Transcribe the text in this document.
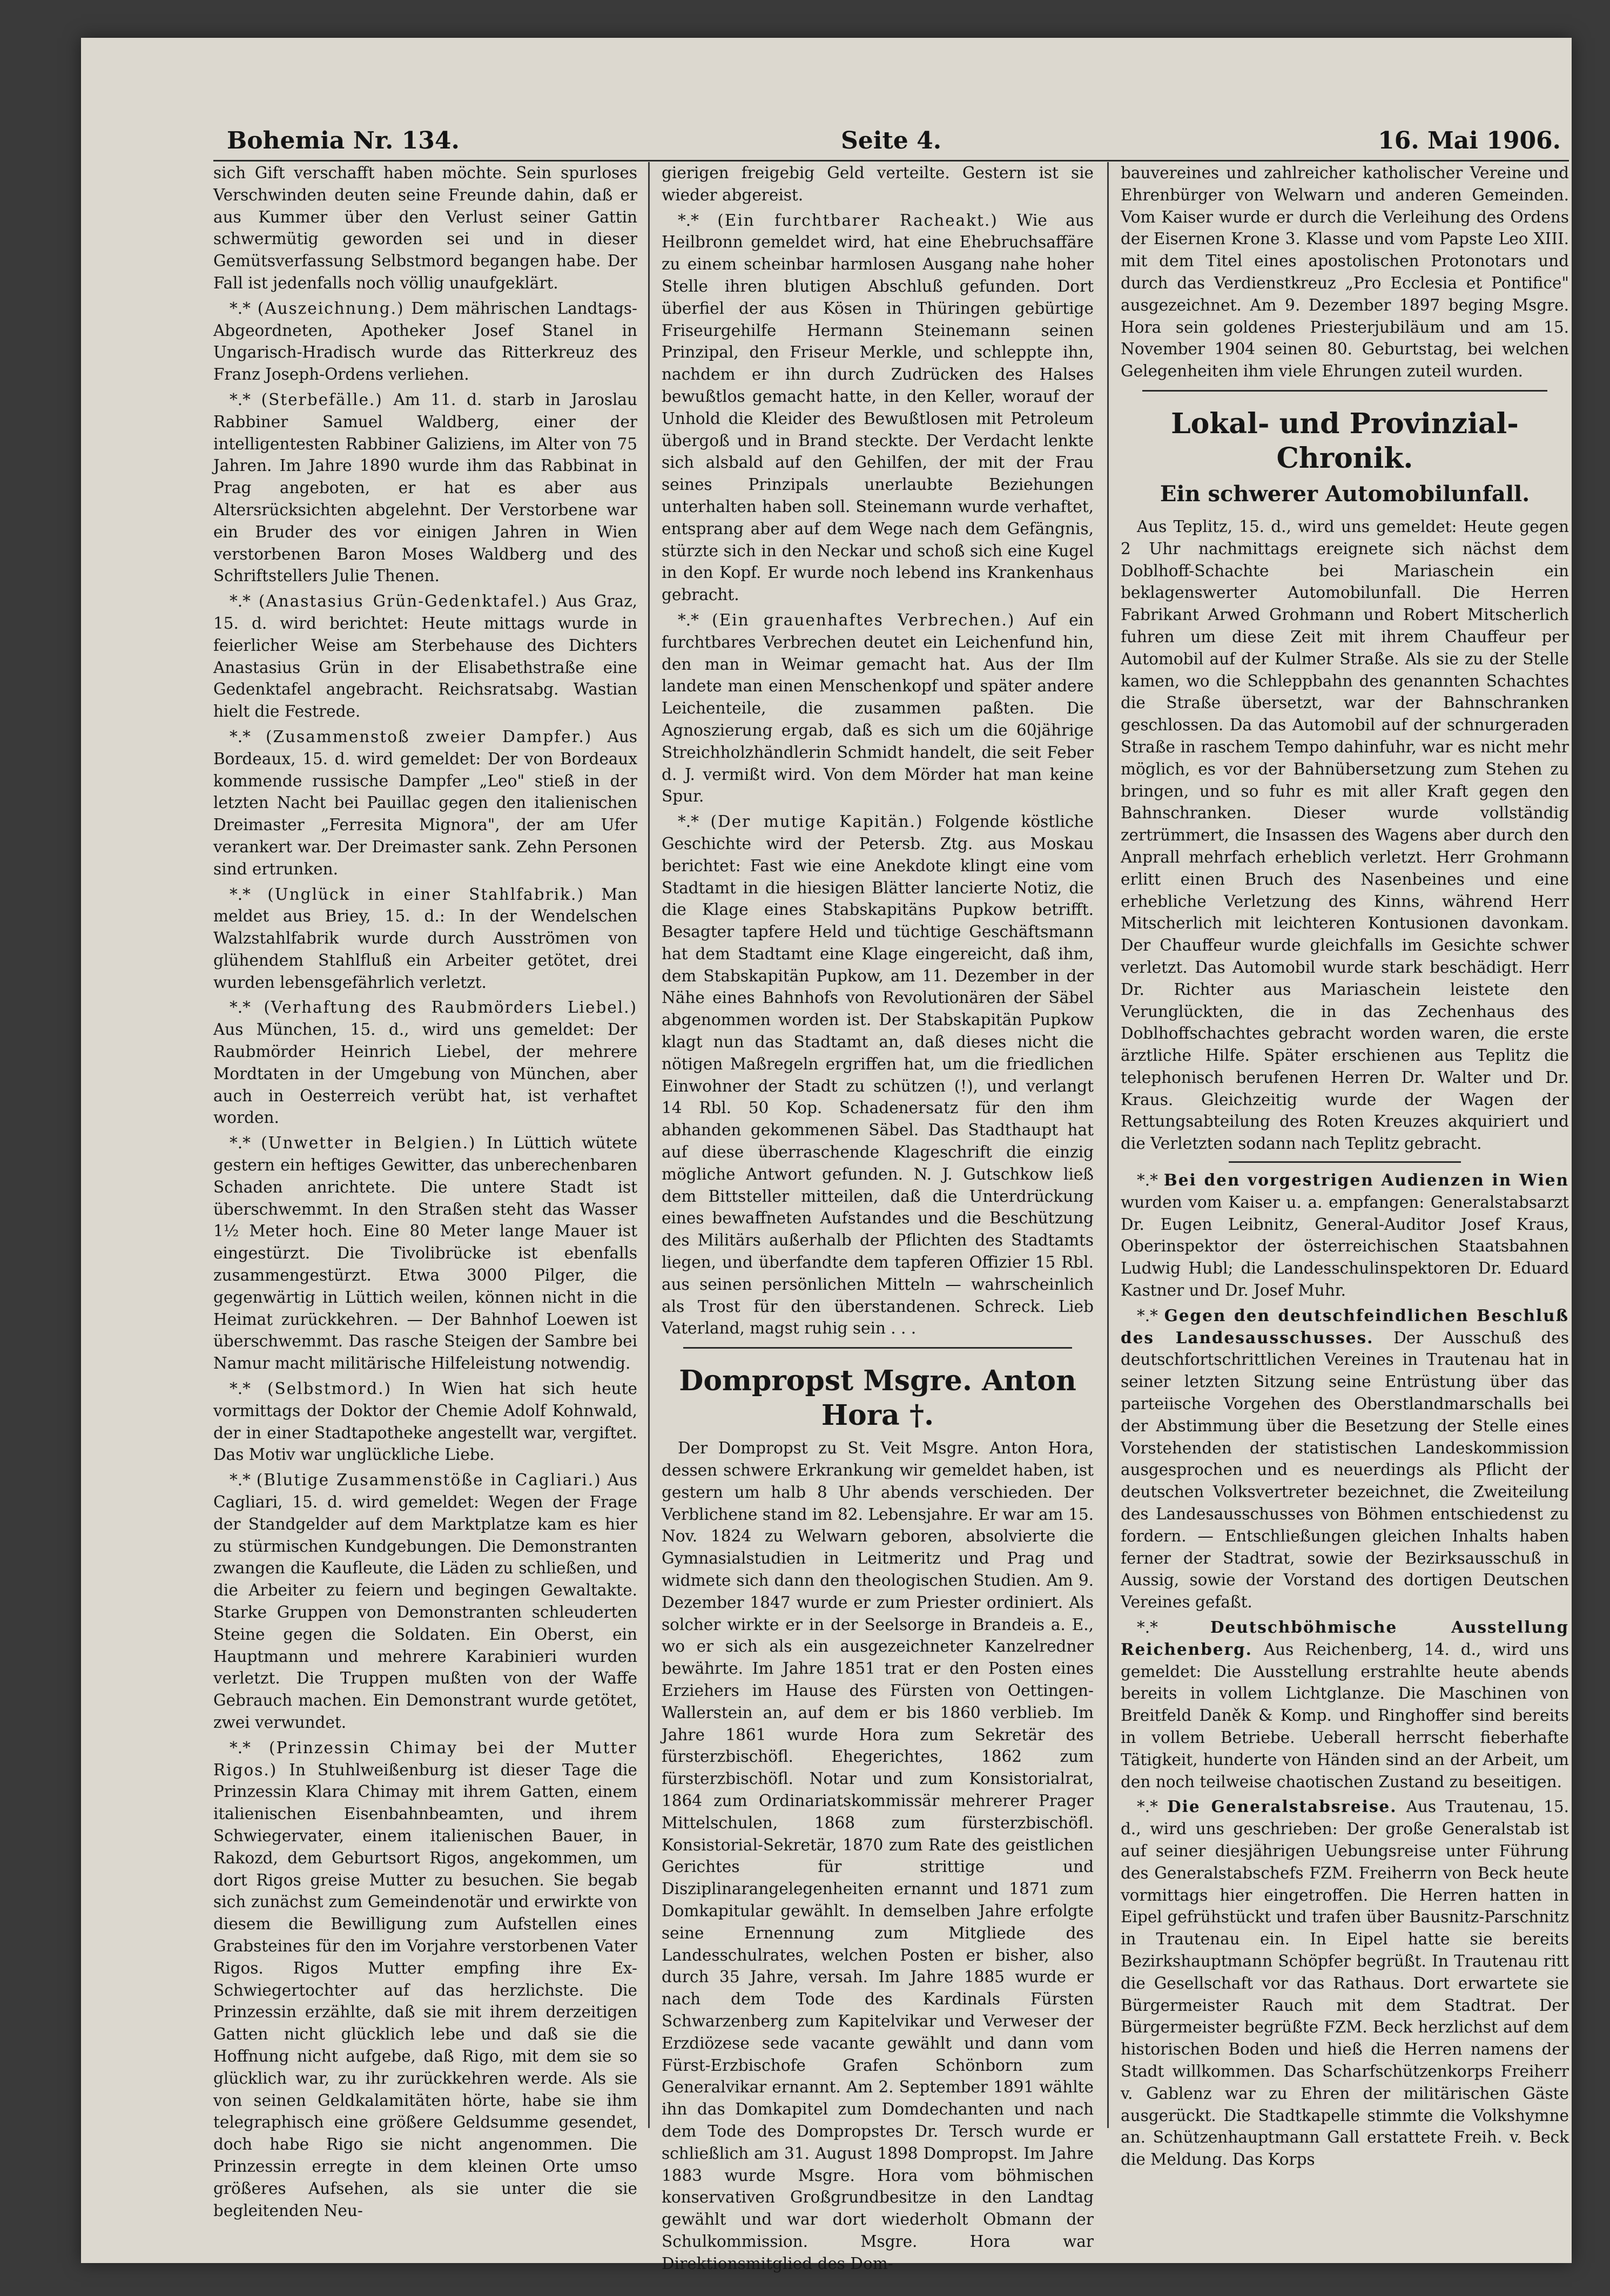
Bohemia Nr. 134.	Seite 4.	16. Mai 1906.

sich Gift verschafft haben möchte. Sein spurloses Verschwinden deuten seine Freunde dahin, daß er aus Kummer über den Verlust seiner Gattin schwermütig geworden sei und in dieser Gemütsverfassung Selbstmord begangen habe. Der Fall ist jedenfalls noch völlig unaufgeklärt.

*.* (Auszeichnung.) Dem mährischen Landtags-Abgeordneten, Apotheker Josef Stanel in Ungarisch-Hradisch wurde das Ritterkreuz des Franz Joseph-Ordens verliehen.

*.* (Sterbefälle.) Am 11. d. starb in Jaroslau Rabbiner Samuel Waldberg, einer der intelligentesten Rabbiner Galiziens, im Alter von 75 Jahren. Im Jahre 1890 wurde ihm das Rabbinat in Prag angeboten, er hat es aber aus Altersrücksichten abgelehnt. Der Verstorbene war ein Bruder des vor einigen Jahren in Wien verstorbenen Baron Moses Waldberg und des Schriftstellers Julie Thenen.

*.* (Anastasius Grün-Gedenktafel.) Aus Graz, 15. d. wird berichtet: Heute mittags wurde in feierlicher Weise am Sterbehause des Dichters Anastasius Grün in der Elisabethstraße eine Gedenktafel angebracht. Reichsratsabg. Wastian hielt die Festrede.

*.* (Zusammenstoß zweier Dampfer.) Aus Bordeaux, 15. d. wird gemeldet: Der von Bordeaux kommende russische Dampfer „Leo" stieß in der letzten Nacht bei Pauillac gegen den italienischen Dreimaster „Ferresita Mignora", der am Ufer verankert war. Der Dreimaster sank. Zehn Personen sind ertrunken.

*.* (Unglück in einer Stahlfabrik.) Man meldet aus Briey, 15. d.: In der Wendelschen Walzstahlfabrik wurde durch Ausströmen von glühendem Stahlfluß ein Arbeiter getötet, drei wurden lebensgefährlich verletzt.

*.* (Verhaftung des Raubmörders Liebel.) Aus München, 15. d., wird uns gemeldet: Der Raubmörder Heinrich Liebel, der mehrere Mordtaten in der Umgebung von München, aber auch in Oesterreich verübt hat, ist verhaftet worden.

*.* (Unwetter in Belgien.) In Lüttich wütete gestern ein heftiges Gewitter, das unberechenbaren Schaden anrichtete. Die untere Stadt ist überschwemmt. In den Straßen steht das Wasser 1½ Meter hoch. Eine 80 Meter lange Mauer ist eingestürzt. Die Tivolibrücke ist ebenfalls zusammengestürzt. Etwa 3000 Pilger, die gegenwärtig in Lüttich weilen, können nicht in die Heimat zurückkehren. — Der Bahnhof Loewen ist überschwemmt. Das rasche Steigen der Sambre bei Namur macht militärische Hilfeleistung notwendig.

*.* (Selbstmord.) In Wien hat sich heute vormittags der Doktor der Chemie Adolf Kohnwald, der in einer Stadtapotheke angestellt war, vergiftet. Das Motiv war unglückliche Liebe.

*.* (Blutige Zusammenstöße in Cagliari.) Aus Cagliari, 15. d. wird gemeldet: Wegen der Frage der Standgelder auf dem Marktplatze kam es hier zu stürmischen Kundgebungen. Die Demonstranten zwangen die Kaufleute, die Läden zu schließen, und die Arbeiter zu feiern und begingen Gewaltakte. Starke Gruppen von Demonstranten schleuderten Steine gegen die Soldaten. Ein Oberst, ein Hauptmann und mehrere Karabinieri wurden verletzt. Die Truppen mußten von der Waffe Gebrauch machen. Ein Demonstrant wurde getötet, zwei verwundet.

*.* (Prinzessin Chimay bei der Mutter Rigos.) In Stuhlweißenburg ist dieser Tage die Prinzessin Klara Chimay mit ihrem Gatten, einem italienischen Eisenbahnbeamten, und ihrem Schwiegervater, einem italienischen Bauer, in Rakozd, dem Geburtsort Rigos, angekommen, um dort Rigos greise Mutter zu besuchen. Sie begab sich zunächst zum Gemeindenotär und erwirkte von diesem die Bewilligung zum Aufstellen eines Grabsteines für den im Vorjahre verstorbenen Vater Rigos. Rigos Mutter empfing ihre Ex-Schwiegertochter auf das herzlichste. Die Prinzessin erzählte, daß sie mit ihrem derzeitigen Gatten nicht glücklich lebe und daß sie die Hoffnung nicht aufgebe, daß Rigo, mit dem sie so glücklich war, zu ihr zurückkehren werde. Als sie von seinen Geldkalamitäten hörte, habe sie ihm telegraphisch eine größere Geldsumme gesendet, doch habe Rigo sie nicht angenommen. Die Prinzessin erregte in dem kleinen Orte umso größeres Aufsehen, als sie unter die sie begleitenden Neu-

gierigen freigebig Geld verteilte. Gestern ist sie wieder abgereist.

*.* (Ein furchtbarer Racheakt.) Wie aus Heilbronn gemeldet wird, hat eine Ehebruchsaffäre zu einem scheinbar harmlosen Ausgang nahe hoher Stelle ihren blutigen Abschluß gefunden. Dort überfiel der aus Kösen in Thüringen gebürtige Friseurgehilfe Hermann Steinemann seinen Prinzipal, den Friseur Merkle, und schleppte ihn, nachdem er ihn durch Zudrücken des Halses bewußtlos gemacht hatte, in den Keller, worauf der Unhold die Kleider des Bewußtlosen mit Petroleum übergoß und in Brand steckte. Der Verdacht lenkte sich alsbald auf den Gehilfen, der mit der Frau seines Prinzipals unerlaubte Beziehungen unterhalten haben soll. Steinemann wurde verhaftet, entsprang aber auf dem Wege nach dem Gefängnis, stürzte sich in den Neckar und schoß sich eine Kugel in den Kopf. Er wurde noch lebend ins Krankenhaus gebracht.

*.* (Ein grauenhaftes Verbrechen.) Auf ein furchtbares Verbrechen deutet ein Leichenfund hin, den man in Weimar gemacht hat. Aus der Ilm landete man einen Menschenkopf und später andere Leichenteile, die zusammen paßten. Die Agnoszierung ergab, daß es sich um die 60jährige Streichholzhändlerin Schmidt handelt, die seit Feber d. J. vermißt wird. Von dem Mörder hat man keine Spur.

*.* (Der mutige Kapitän.) Folgende köstliche Geschichte wird der Petersb. Ztg. aus Moskau berichtet: Fast wie eine Anekdote klingt eine vom Stadtamt in die hiesigen Blätter lancierte Notiz, die die Klage eines Stabskapitäns Pupkow betrifft. Besagter tapfere Held und tüchtige Geschäftsmann hat dem Stadtamt eine Klage eingereicht, daß ihm, dem Stabskapitän Pupkow, am 11. Dezember in der Nähe eines Bahnhofs von Revolutionären der Säbel abgenommen worden ist. Der Stabskapitän Pupkow klagt nun das Stadtamt an, daß dieses nicht die nötigen Maßregeln ergriffen hat, um die friedlichen Einwohner der Stadt zu schützen (!), und verlangt 14 Rbl. 50 Kop. Schadenersatz für den ihm abhanden gekommenen Säbel. Das Stadthaupt hat auf diese überraschende Klageschrift die einzig mögliche Antwort gefunden. N. J. Gutschkow ließ dem Bittsteller mitteilen, daß die Unterdrückung eines bewaffneten Aufstandes und die Beschützung des Militärs außerhalb der Pflichten des Stadtamts liegen, und überfandte dem tapferen Offizier 15 Rbl. aus seinen persönlichen Mitteln — wahrscheinlich als Trost für den überstandenen. Schreck. Lieb Vaterland, magst ruhig sein . . .

Dompropst Msgre. Anton Hora †.

Der Dompropst zu St. Veit Msgre. Anton Hora, dessen schwere Erkrankung wir gemeldet haben, ist gestern um halb 8 Uhr abends verschieden. Der Verblichene stand im 82. Lebensjahre. Er war am 15. Nov. 1824 zu Welwarn geboren, absolvierte die Gymnasialstudien in Leitmeritz und Prag und widmete sich dann den theologischen Studien. Am 9. Dezember 1847 wurde er zum Priester ordiniert. Als solcher wirkte er in der Seelsorge in Brandeis a. E., wo er sich als ein ausgezeichneter Kanzelredner bewährte. Im Jahre 1851 trat er den Posten eines Erziehers im Hause des Fürsten von Oettingen-Wallerstein an, auf dem er bis 1860 verblieb. Im Jahre 1861 wurde Hora zum Sekretär des fürsterzbischöfl. Ehegerichtes, 1862 zum fürsterzbischöfl. Notar und zum Konsistorialrat, 1864 zum Ordinariatskommissär mehrerer Prager Mittelschulen, 1868 zum fürsterzbischöfl. Konsistorial-Sekretär, 1870 zum Rate des geistlichen Gerichtes für strittige und Disziplinarangelegenheiten ernannt und 1871 zum Domkapitular gewählt. In demselben Jahre erfolgte seine Ernennung zum Mitgliede des Landesschulrates, welchen Posten er bisher, also durch 35 Jahre, versah. Im Jahre 1885 wurde er nach dem Tode des Kardinals Fürsten Schwarzenberg zum Kapitelvikar und Verweser der Erzdiözese sede vacante gewählt und dann vom Fürst-Erzbischofe Grafen Schönborn zum Generalvikar ernannt. Am 2. September 1891 wählte ihn das Domkapitel zum Domdechanten und nach dem Tode des Dompropstes Dr. Tersch wurde er schließlich am 31. August 1898 Dompropst. Im Jahre 1883 wurde Msgre. Hora vom böhmischen konservativen Großgrundbesitze in den Landtag gewählt und war dort wiederholt Obmann der Schulkommission. Msgre. Hora war Direktionsmitglied des Dom-

bauvereines und zahlreicher katholischer Vereine und Ehrenbürger von Welwarn und anderen Gemeinden. Vom Kaiser wurde er durch die Verleihung des Ordens der Eisernen Krone 3. Klasse und vom Papste Leo XIII. mit dem Titel eines apostolischen Protonotars und durch das Verdienstkreuz „Pro Ecclesia et Pontifice" ausgezeichnet. Am 9. Dezember 1897 beging Msgre. Hora sein goldenes Priesterjubiläum und am 15. November 1904 seinen 80. Geburtstag, bei welchen Gelegenheiten ihm viele Ehrungen zuteil wurden.

Lokal- und Provinzial-Chronik.
Ein schwerer Automobilunfall.

Aus Teplitz, 15. d., wird uns gemeldet: Heute gegen 2 Uhr nachmittags ereignete sich nächst dem Doblhoff-Schachte bei Mariaschein ein beklagenswerter Automobilunfall. Die Herren Fabrikant Arwed Grohmann und Robert Mitscherlich fuhren um diese Zeit mit ihrem Chauffeur per Automobil auf der Kulmer Straße. Als sie zu der Stelle kamen, wo die Schleppbahn des genannten Schachtes die Straße übersetzt, war der Bahnschranken geschlossen. Da das Automobil auf der schnurgeraden Straße in raschem Tempo dahinfuhr, war es nicht mehr möglich, es vor der Bahnübersetzung zum Stehen zu bringen, und so fuhr es mit aller Kraft gegen den Bahnschranken. Dieser wurde vollständig zertrümmert, die Insassen des Wagens aber durch den Anprall mehrfach erheblich verletzt. Herr Grohmann erlitt einen Bruch des Nasenbeines und eine erhebliche Verletzung des Kinns, während Herr Mitscherlich mit leichteren Kontusionen davonkam. Der Chauffeur wurde gleichfalls im Gesichte schwer verletzt. Das Automobil wurde stark beschädigt. Herr Dr. Richter aus Mariaschein leistete den Verunglückten, die in das Zechenhaus des Doblhoffschachtes gebracht worden waren, die erste ärztliche Hilfe. Später erschienen aus Teplitz die telephonisch berufenen Herren Dr. Walter und Dr. Kraus. Gleichzeitig wurde der Wagen der Rettungsabteilung des Roten Kreuzes akquiriert und die Verletzten sodann nach Teplitz gebracht.

*.* Bei den vorgestrigen Audienzen in Wien wurden vom Kaiser u. a. empfangen: Generalstabsarzt Dr. Eugen Leibnitz, General-Auditor Josef Kraus, Oberinspektor der österreichischen Staatsbahnen Ludwig Hubl; die Landesschulinspektoren Dr. Eduard Kastner und Dr. Josef Muhr.

*.* Gegen den deutschfeindlichen Beschluß des Landesausschusses. Der Ausschuß des deutschfortschrittlichen Vereines in Trautenau hat in seiner letzten Sitzung seine Entrüstung über das parteiische Vorgehen des Oberstlandmarschalls bei der Abstimmung über die Besetzung der Stelle eines Vorstehenden der statistischen Landeskommission ausgesprochen und es neuerdings als Pflicht der deutschen Volksvertreter bezeichnet, die Zweiteilung des Landesausschusses von Böhmen entschiedenst zu fordern. — Entschließungen gleichen Inhalts haben ferner der Stadtrat, sowie der Bezirksausschuß in Aussig, sowie der Vorstand des dortigen Deutschen Vereines gefaßt.

*.* Deutschböhmische Ausstellung Reichenberg. Aus Reichenberg, 14. d., wird uns gemeldet: Die Ausstellung erstrahlte heute abends bereits in vollem Lichtglanze. Die Maschinen von Breitfeld Daněk & Komp. und Ringhoffer sind bereits in vollem Betriebe. Ueberall herrscht fieberhafte Tätigkeit, hunderte von Händen sind an der Arbeit, um den noch teilweise chaotischen Zustand zu beseitigen.

*.* Die Generalstabsreise. Aus Trautenau, 15. d., wird uns geschrieben: Der große Generalstab ist auf seiner diesjährigen Uebungsreise unter Führung des Generalstabschefs FZM. Freiherrn von Beck heute vormittags hier eingetroffen. Die Herren hatten in Eipel gefrühstückt und trafen über Bausnitz-Parschnitz in Trautenau ein. In Eipel hatte sie bereits Bezirkshauptmann Schöpfer begrüßt. In Trautenau ritt die Gesellschaft vor das Rathaus. Dort erwartete sie Bürgermeister Rauch mit dem Stadtrat. Der Bürgermeister begrüßte FZM. Beck herzlichst auf dem historischen Boden und hieß die Herren namens der Stadt willkommen. Das Scharfschützenkorps Freiherr v. Gablenz war zu Ehren der militärischen Gäste ausgerückt. Die Stadtkapelle stimmte die Volkshymne an. Schützenhauptmann Gall erstattete Freih. v. Beck die Meldung. Das Korps
